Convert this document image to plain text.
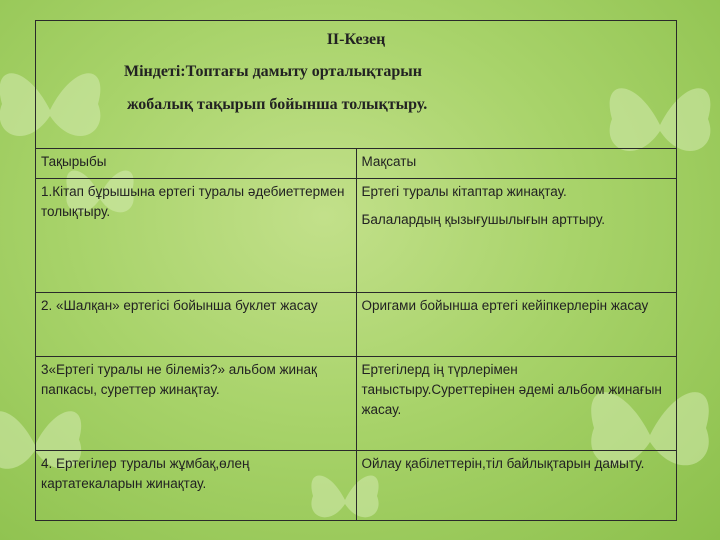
II-Кезең

Міндеті:Топтағы дамыту орталықтарын

жобалық тақырып бойынша толықтыру.	

Тақырыбы	Мақсаты
1.Кітап бұрышына ертегі туралы әдебиеттермен толықтыру.	Ертегі туралы кітаптар жинақтау.
Балалардың қызығушылығын арттыру.

2. «Шалқан» ертегісі бойынша буклет жасау	Оригами бойынша ертегі кейіпкерлерін жасау

3«Ертегі туралы не білеміз?» альбом жинақ папкасы, суреттер жинақтау.	Ертегілерд ің түрлерімен таныстыру.Суреттерінен әдемі альбом жинағын жасау.

4. Ертегілер туралы жұмбақ,өлең картатекаларын жинақтау.	Ойлау қабілеттерін,тіл байлықтарын дамыту.
